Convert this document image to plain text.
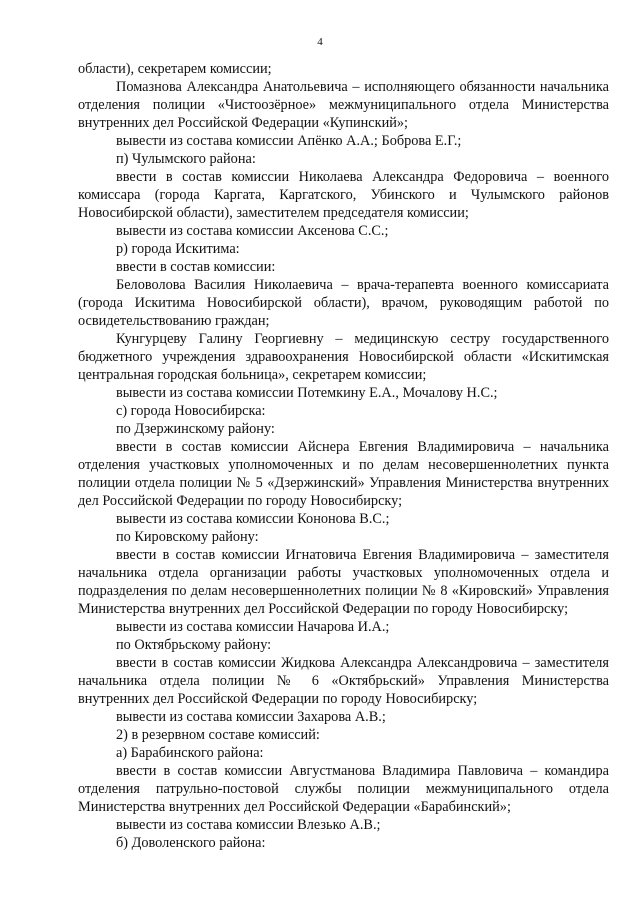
4

области), секретарем комиссии;

Помазнова Александра Анатольевича – исполняющего обязанности начальника отделения полиции «Чистоозёрное» межмуниципального отдела Министерства внутренних дел Российской Федерации «Купинский»;

вывести из состава комиссии Апёнко А.А.; Боброва Е.Г.;

п) Чулымского района:

ввести в состав комиссии Николаева Александра Федоровича – военного комиссара (города Каргата, Каргатского, Убинского и Чулымского районов Новосибирской области), заместителем председателя комиссии;

вывести из состава комиссии Аксенова С.С.;

р) города Искитима:

ввести в состав комиссии:

Беловолова Василия Николаевича – врача-терапевта военного комиссариата (города Искитима Новосибирской области), врачом, руководящим работой по освидетельствованию граждан;

Кунгурцеву Галину Георгиевну – медицинскую сестру государственного бюджетного учреждения здравоохранения Новосибирской области «Искитимская центральная городская больница», секретарем комиссии;

вывести из состава комиссии Потемкину Е.А., Мочалову Н.С.;

с) города Новосибирска:

по Дзержинскому району:

ввести в состав комиссии Айснера Евгения Владимировича – начальника отделения участковых уполномоченных и по делам несовершеннолетних пункта полиции отдела полиции № 5 «Дзержинский» Управления Министерства внутренних дел Российской Федерации по городу Новосибирску;

вывести из состава комиссии Кононова В.С.;

по Кировскому району:

ввести в состав комиссии Игнатовича Евгения Владимировича – заместителя начальника отдела организации работы участковых уполномоченных отдела и подразделения по делам несовершеннолетних полиции № 8 «Кировский» Управления Министерства внутренних дел Российской Федерации по городу Новосибирску;

вывести из состава комиссии Начарова И.А.;

по Октябрьскому району:

ввести в состав комиссии Жидкова Александра Александровича – заместителя начальника отдела полиции № 6 «Октябрьский» Управления Министерства внутренних дел Российской Федерации по городу Новосибирску;

вывести из состава комиссии Захарова А.В.;

2) в резервном составе комиссий:

а) Барабинского района:

ввести в состав комиссии Августманова Владимира Павловича – командира отделения патрульно-постовой службы полиции межмуниципального отдела Министерства внутренних дел Российской Федерации «Барабинский»;

вывести из состава комиссии Влезько А.В.;

б) Доволенского района:
